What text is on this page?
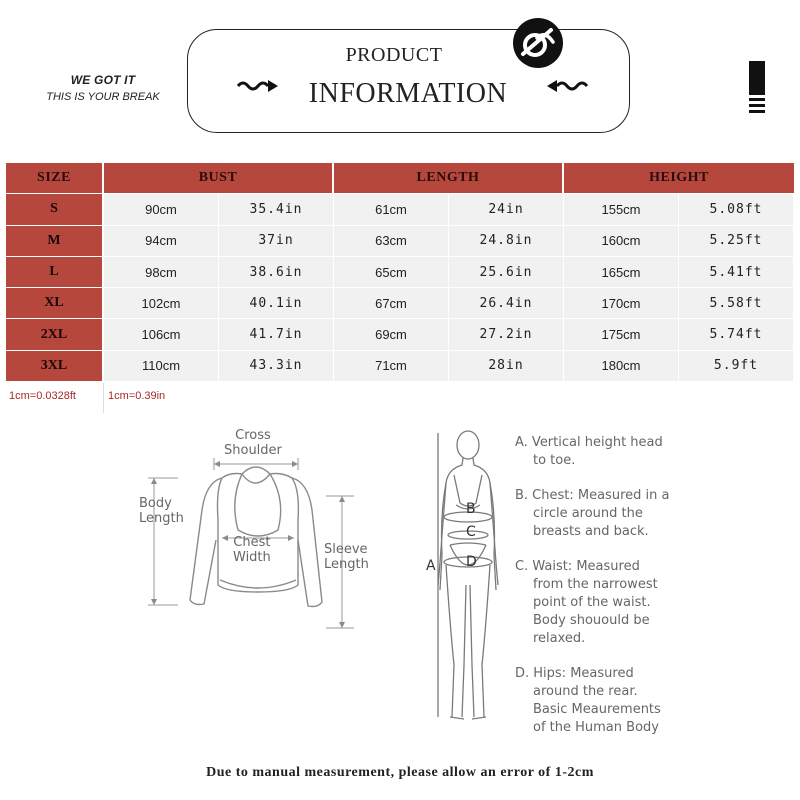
WE GOT IT
THIS IS YOUR BREAK
PRODUCT
INFORMATION
SIZE	BUST	LENGTH	HEIGHT
S	90cm	35.4in	61cm	24in	155cm	5.08ft
M	94cm	37in	63cm	24.8in	160cm	5.25ft
L	98cm	38.6in	65cm	25.6in	165cm	5.41ft
XL	102cm	40.1in	67cm	26.4in	170cm	5.58ft
2XL	106cm	41.7in	69cm	27.2in	175cm	5.74ft
3XL	110cm	43.3in	71cm	28in	180cm	5.9ft
1cm=0.0328ft	1cm=0.39in
Cross
Shoulder
Body
Length
Chest
Width
Sleeve
Length	A
B
C
D
A. Vertical height head
to toe.
B. Chest: Measured in a
circle around the
breasts and back.
C. Waist: Measured
from the narrowest
point of the waist.
Body shouould be
relaxed.
D. Hips: Measured
around the rear.
Basic Meaurements
of the Human Body
Due to manual measurement, please allow an error of 1-2cm
